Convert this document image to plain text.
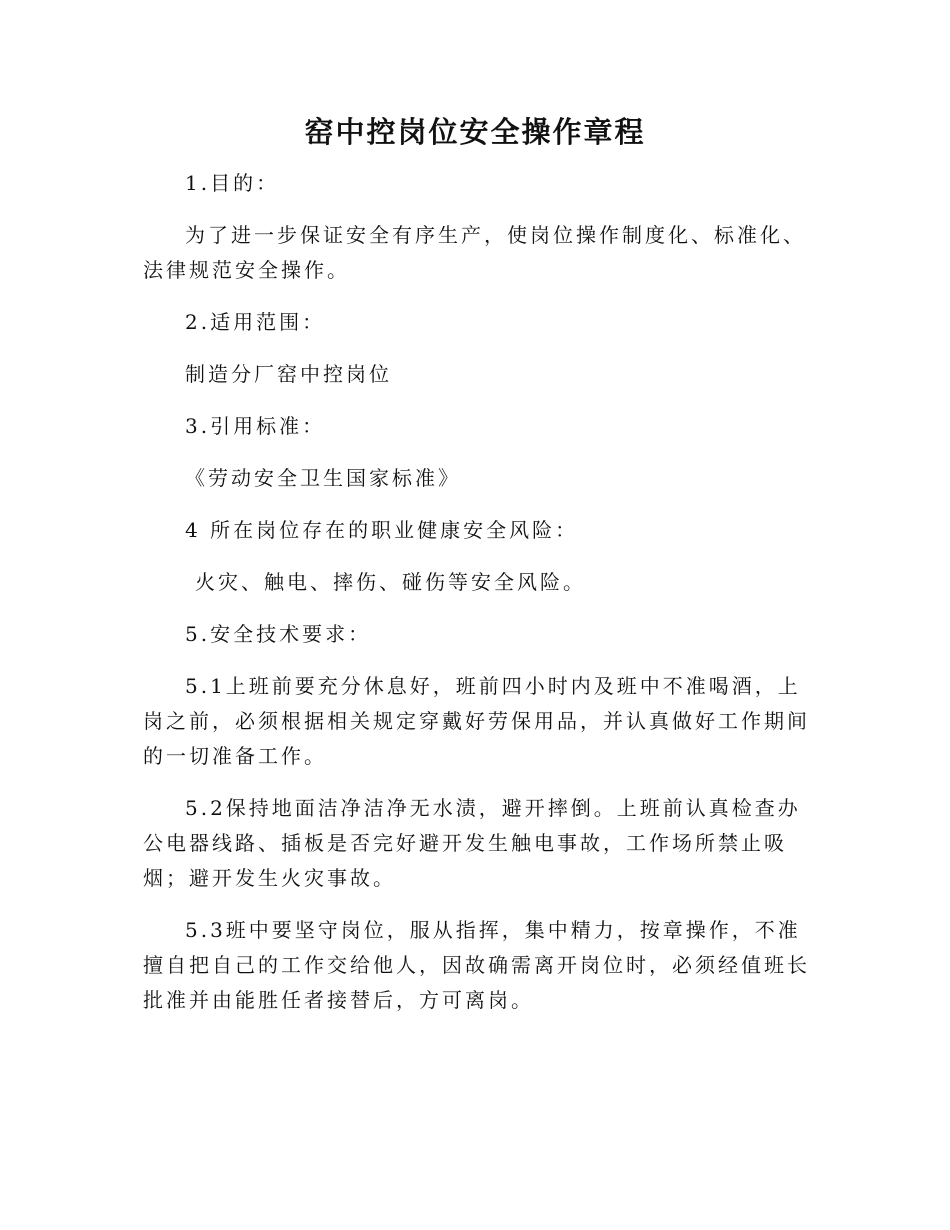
窑中控岗位安全操作章程

1.目的：

为了进一步保证安全有序生产，使岗位操作制度化、标准化、法律规范安全操作。

2.适用范围：

制造分厂窑中控岗位

3.引用标准：

《劳动安全卫生国家标准》

4 所在岗位存在的职业健康安全风险：

火灾、触电、摔伤、碰伤等安全风险。

5.安全技术要求：

5.1上班前要充分休息好，班前四小时内及班中不准喝酒，上岗之前，必须根据相关规定穿戴好劳保用品，并认真做好工作期间的一切准备工作。

5.2保持地面洁净洁净无水渍，避开摔倒。上班前认真检查办公电器线路、插板是否完好避开发生触电事故，工作场所禁止吸烟；避开发生火灾事故。

5.3班中要坚守岗位，服从指挥，集中精力，按章操作，不准擅自把自己的工作交给他人，因故确需离开岗位时，必须经值班长批准并由能胜任者接替后，方可离岗。
